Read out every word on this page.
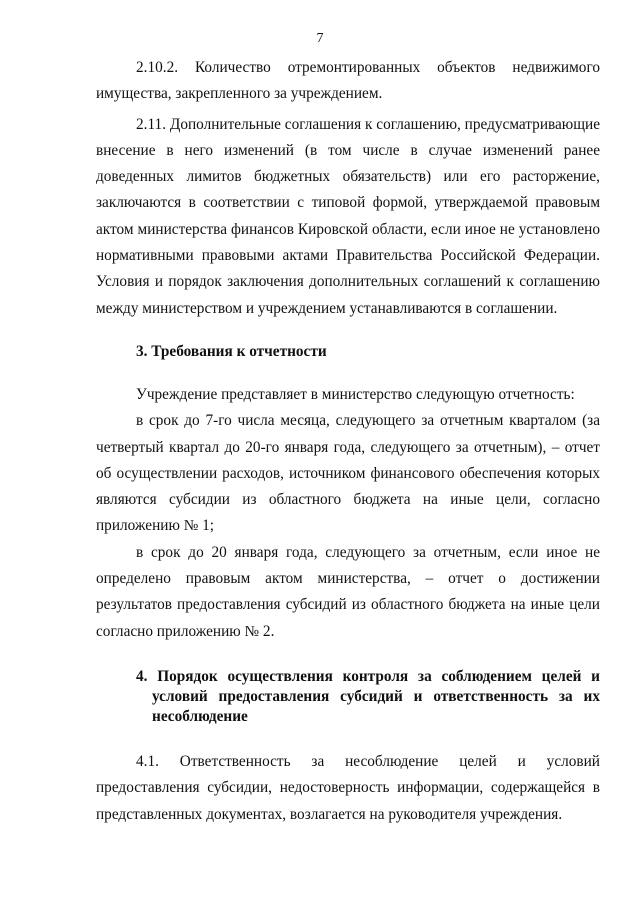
7

2.10.2. Количество отремонтированных объектов недвижимого имущества, закрепленного за учреждением.

2.11. Дополнительные соглашения к соглашению, предусматривающие внесение в него изменений (в том числе в случае изменений ранее доведенных лимитов бюджетных обязательств) или его расторжение, заключаются в соответствии с типовой формой, утверждаемой правовым актом министерства финансов Кировской области, если иное не установлено нормативными правовыми актами Правительства Российской Федерации. Условия и порядок заключения дополнительных соглашений к соглашению между министерством и учреждением устанавливаются в соглашении.

3. Требования к отчетности

Учреждение представляет в министерство следующую отчетность:

в срок до 7-го числа месяца, следующего за отчетным кварталом (за четвертый квартал до 20-го января года, следующего за отчетным), – отчет об осуществлении расходов, источником финансового обеспечения которых являются субсидии из областного бюджета на иные цели, согласно приложению № 1;

в срок до 20 января года, следующего за отчетным, если иное не определено правовым актом министерства, – отчет о достижении результатов предоставления субсидий из областного бюджета на иные цели согласно приложению № 2.

4. Порядок осуществления контроля за соблюдением целей и условий предоставления субсидий и ответственность за их несоблюдение

4.1. Ответственность за несоблюдение целей и условий предоставления субсидии, недостоверность информации, содержащейся в представленных документах, возлагается на руководителя учреждения.
